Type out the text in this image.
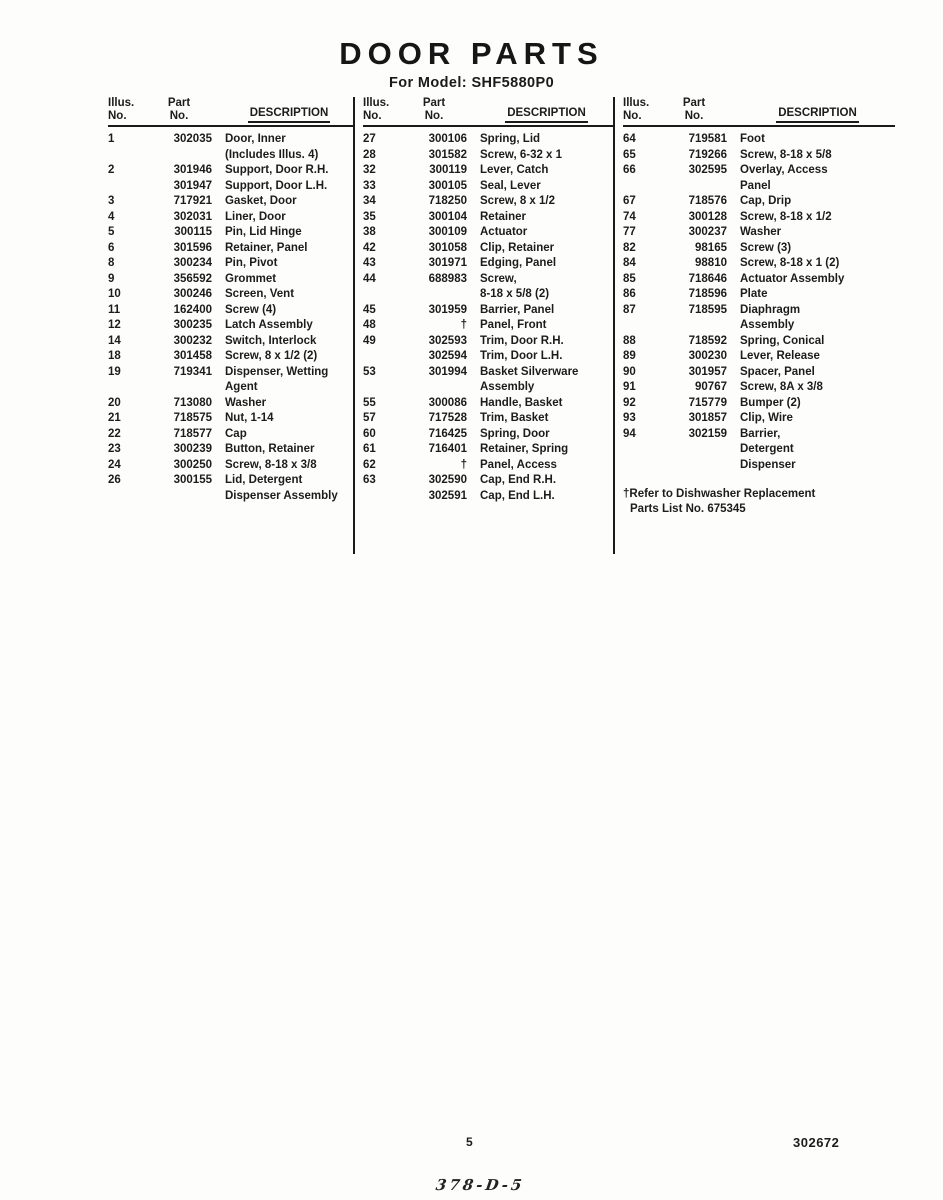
DOOR PARTS
For Model: SHF5880P0
Illus.
No.
Part
No.	DESCRIPTION
1	302035	Door, Inner
(Includes Illus. 4)
2	301946	Support, Door R.H.
301947	Support, Door L.H.
3	717921	Gasket, Door
4	302031	Liner, Door
5	300115	Pin, Lid Hinge
6	301596	Retainer, Panel
8	300234	Pin, Pivot
9	356592	Grommet
10	300246	Screen, Vent
11	162400	Screw (4)
12	300235	Latch Assembly
14	300232	Switch, Interlock
18	301458	Screw, 8 x 1/2 (2)
19	719341	Dispenser, Wetting
Agent
20	713080	Washer
21	718575	Nut, 1-14
22	718577	Cap
23	300239	Button, Retainer
24	300250	Screw, 8-18 x 3/8
26	300155	Lid, Detergent
Dispenser Assembly
Illus.
No.
Part
No.	DESCRIPTION
27	300106	Spring, Lid
28	301582	Screw, 6-32 x 1
32	300119	Lever, Catch
33	300105	Seal, Lever
34	718250	Screw, 8 x 1/2
35	300104	Retainer
38	300109	Actuator
42	301058	Clip, Retainer
43	301971	Edging, Panel
44	688983	Screw,
8-18 x 5/8 (2)
45	301959	Barrier, Panel
48	†	Panel, Front
49	302593	Trim, Door R.H.
302594	Trim, Door L.H.
53	301994	Basket Silverware
Assembly
55	300086	Handle, Basket
57	717528	Trim, Basket
60	716425	Spring, Door
61	716401	Retainer, Spring
62	†	Panel, Access
63	302590	Cap, End R.H.
302591	Cap, End L.H.
Illus.
No.
Part
No.	DESCRIPTION
64	719581	Foot
65	719266	Screw, 8-18 x 5/8
66	302595	Overlay, Access
Panel
67	718576	Cap, Drip
74	300128	Screw, 8-18 x 1/2
77	300237	Washer
82	98165	Screw (3)
84	98810	Screw, 8-18 x 1 (2)
85	718646	Actuator Assembly
86	718596	Plate
87	718595	Diaphragm
Assembly
88	718592	Spring, Conical
89	300230	Lever, Release
90	301957	Spacer, Panel
91	90767	Screw, 8A x 3/8
92	715779	Bumper (2)
93	301857	Clip, Wire
94	302159	Barrier,
Detergent
Dispenser
†Refer to Dishwasher Replacement
Parts List No. 675345
5	302672
378-D-5
